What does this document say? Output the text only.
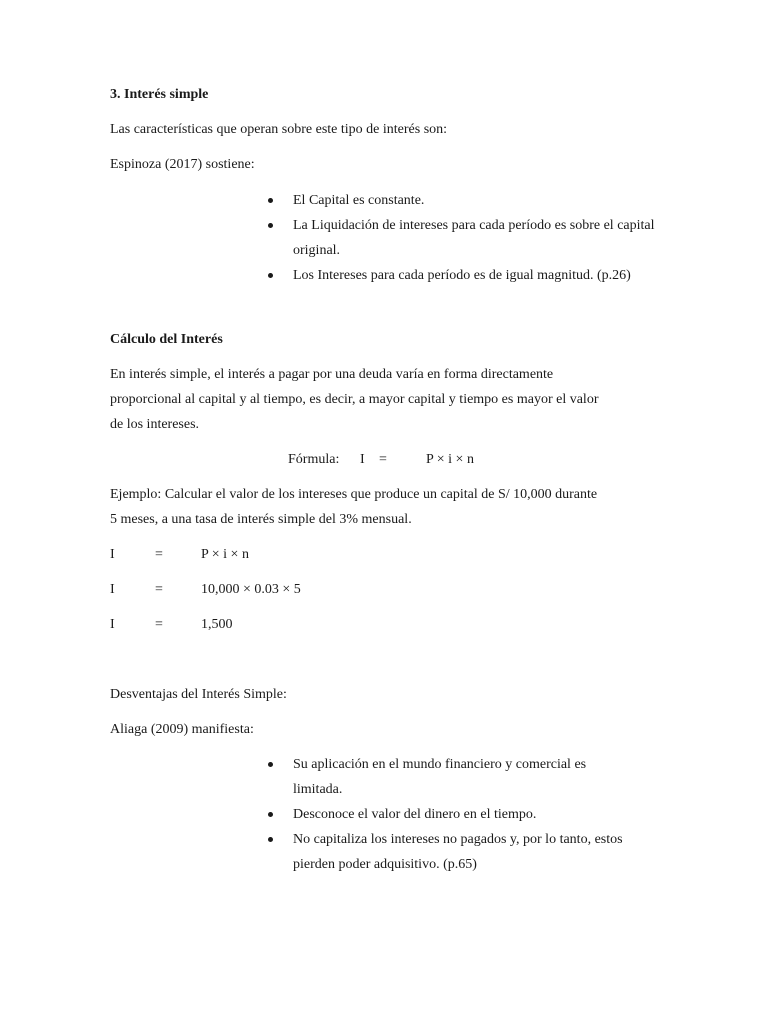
3. Interés simple
Las características que operan sobre este tipo de interés son:
Espinoza (2017) sostiene:
El Capital es constante.
La Liquidación de intereses para cada período es sobre el capital original.
Los Intereses para cada período es de igual magnitud. (p.26)
Cálculo del Interés
En interés simple, el interés a pagar por una deuda varía en forma directamente
proporcional al capital y al tiempo, es decir, a mayor capital y tiempo es mayor el valor
de los intereses.
Fórmula: I =	P × i × n
Ejemplo: Calcular el valor de los intereses que produce un capital de S/ 10,000 durante
5 meses, a una tasa de interés simple del 3% mensual.
I	=	P × i × n
I	=	10,000 × 0.03 × 5
I	=	1,500
Desventajas del Interés Simple:
Aliaga (2009) manifiesta:
Su aplicación en el mundo financiero y comercial es limitada.
Desconoce el valor del dinero en el tiempo.
No capitaliza los intereses no pagados y, por lo tanto, estos pierden poder adquisitivo. (p.65)
